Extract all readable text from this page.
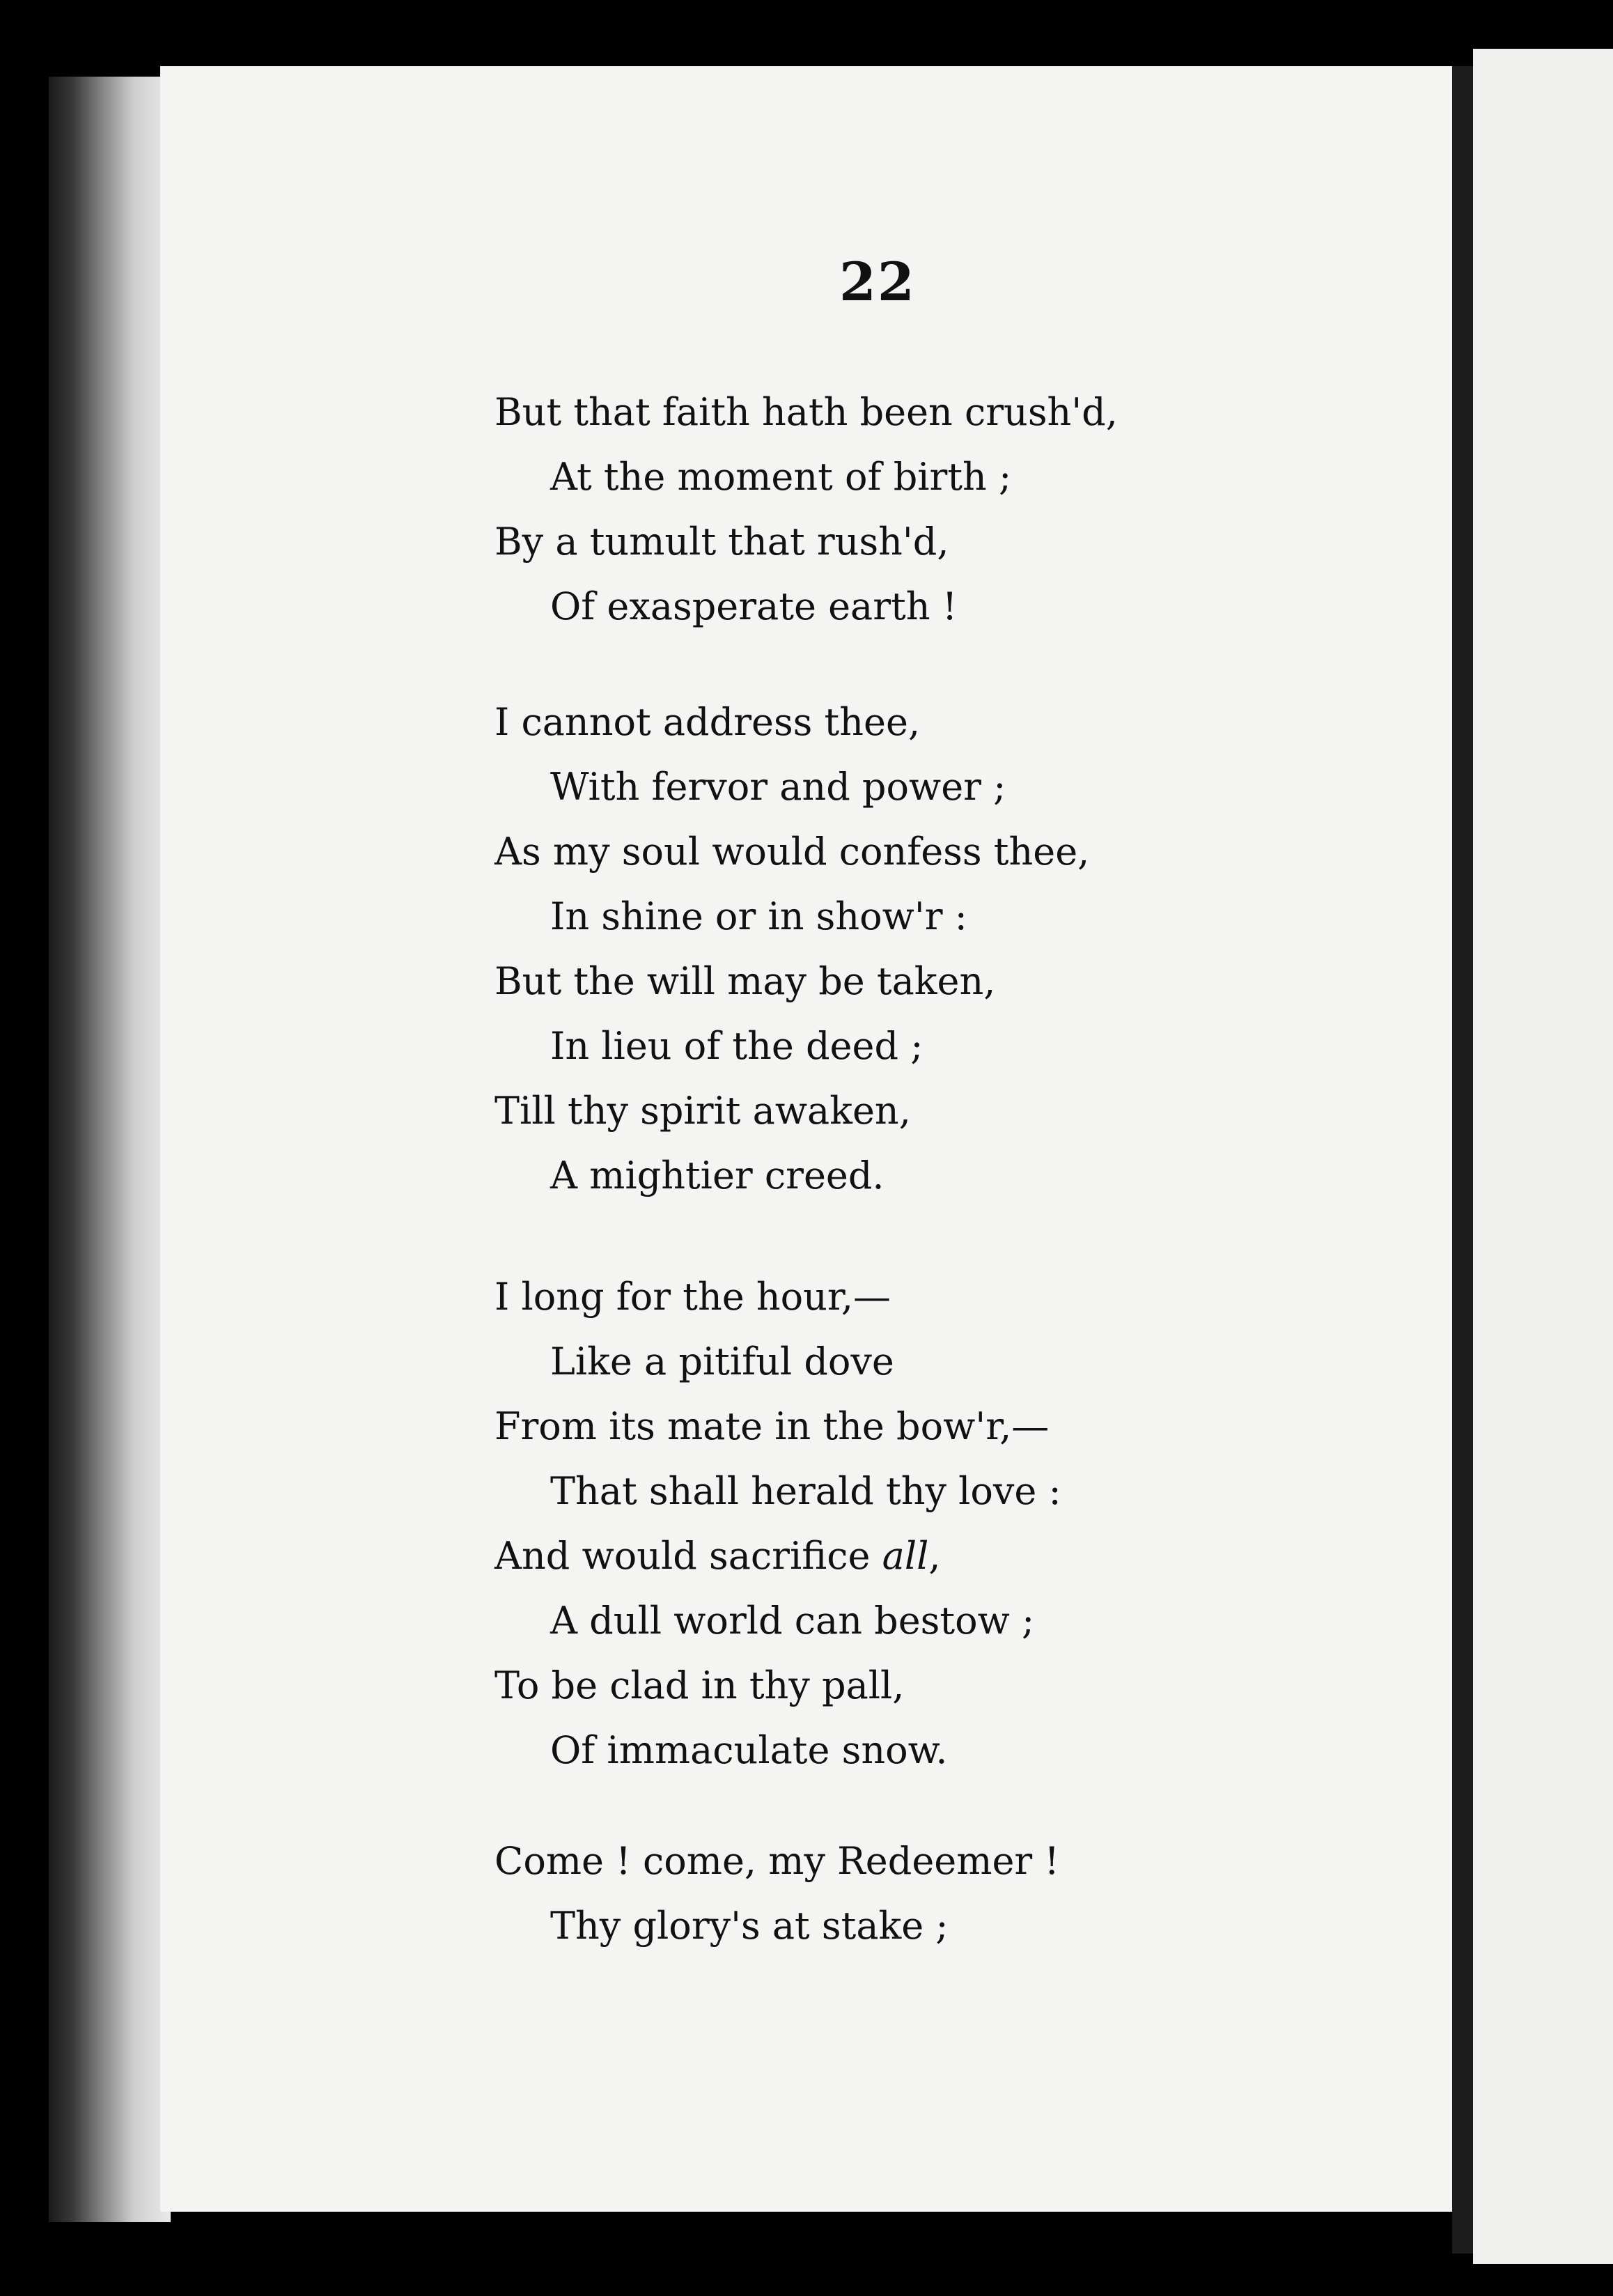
22
But that faith hath been crush'd,
At the moment of birth ;
By a tumult that rush'd,
Of exasperate earth !
I cannot address thee,
With fervor and power ;
As my soul would confess thee,
In shine or in show'r :
But the will may be taken,
In lieu of the deed ;
Till thy spirit awaken,
A mightier creed.
I long for the hour,—
Like a pitiful dove
From its mate in the bow'r,—
That shall herald thy love :
And would sacrifice all,
A dull world can bestow ;
To be clad in thy pall,
Of immaculate snow.
Come ! come, my Redeemer !
Thy glory's at stake ;
